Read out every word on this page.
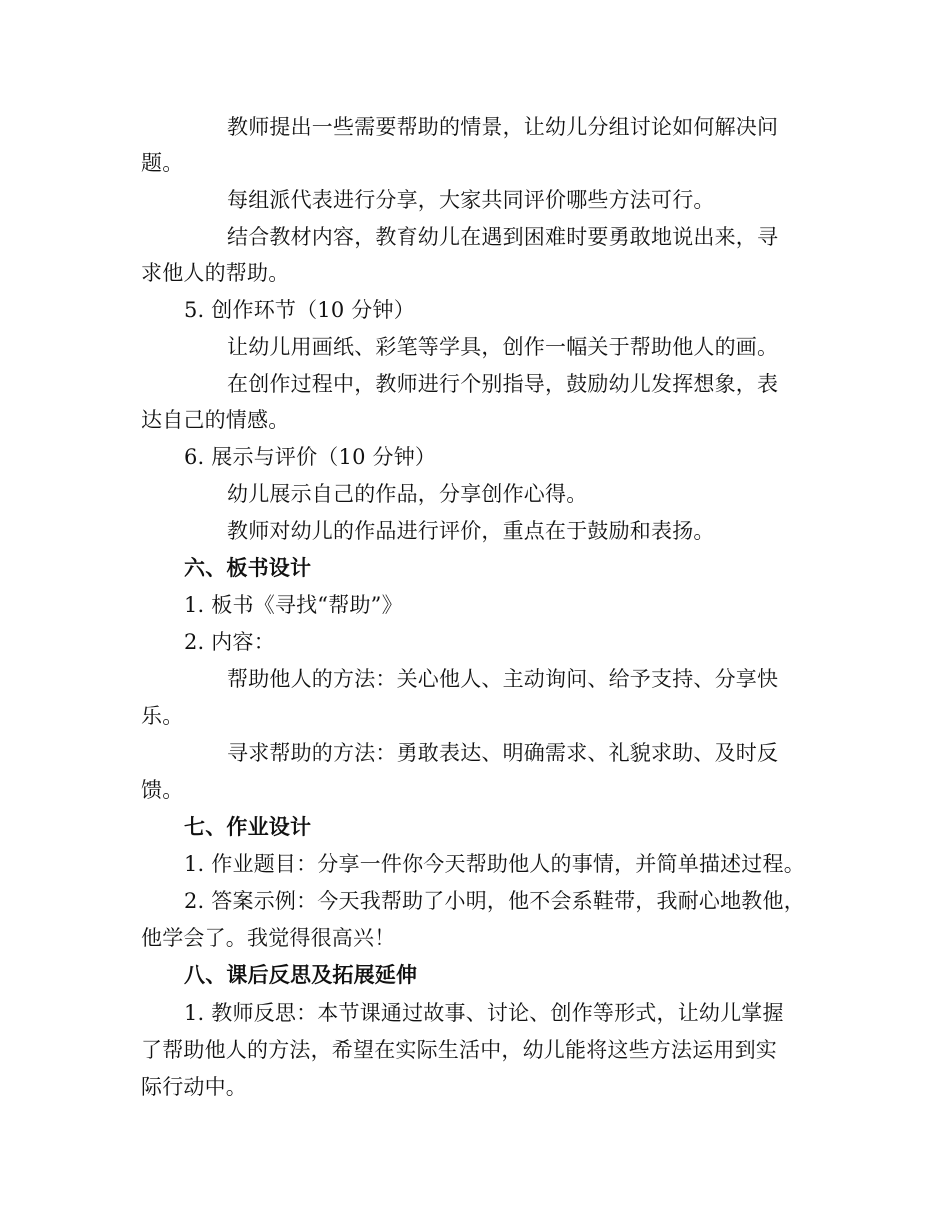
教师提出一些需要帮助的情景，让幼儿分组讨论如何解决问
题。
每组派代表进行分享，大家共同评价哪些方法可行。
结合教材内容，教育幼儿在遇到困难时要勇敢地说出来，寻
求他人的帮助。
5. 创作环节（10 分钟）
让幼儿用画纸、彩笔等学具，创作一幅关于帮助他人的画。
在创作过程中，教师进行个别指导，鼓励幼儿发挥想象，表
达自己的情感。
6. 展示与评价（10 分钟）
幼儿展示自己的作品，分享创作心得。
教师对幼儿的作品进行评价，重点在于鼓励和表扬。
六、板书设计
1. 板书《寻找“帮助”》
2. 内容：
帮助他人的方法：关心他人、主动询问、给予支持、分享快
乐。
寻求帮助的方法：勇敢表达、明确需求、礼貌求助、及时反
馈。
七、作业设计
1. 作业题目：分享一件你今天帮助他人的事情，并简单描述过程。
2. 答案示例：今天我帮助了小明，他不会系鞋带，我耐心地教他，
他学会了。我觉得很高兴！
八、课后反思及拓展延伸
1. 教师反思：本节课通过故事、讨论、创作等形式，让幼儿掌握
了帮助他人的方法，希望在实际生活中，幼儿能将这些方法运用到实
际行动中。
